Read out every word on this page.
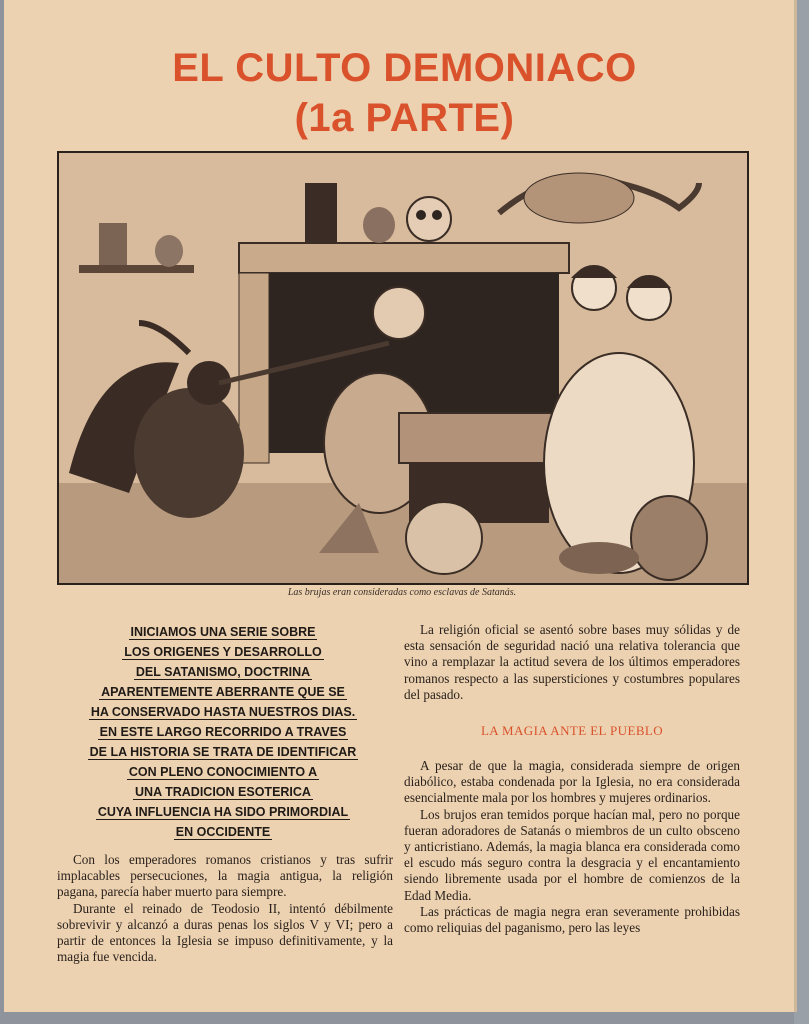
EL CULTO DEMONIACO
(1a PARTE)
Las brujas eran consideradas como esclavas de Satanás.
INICIAMOS UNA SERIE SOBRE
LOS ORIGENES Y DESARROLLO
DEL SATANISMO, DOCTRINA
APARENTEMENTE ABERRANTE QUE SE
HA CONSERVADO HASTA NUESTROS DIAS.
EN ESTE LARGO RECORRIDO A TRAVES
DE LA HISTORIA SE TRATA DE IDENTIFICAR
CON PLENO CONOCIMIENTO A
UNA TRADICION ESOTERICA
CUYA INFLUENCIA HA SIDO PRIMORDIAL
EN OCCIDENTE

Con los emperadores romanos cristianos y tras sufrir implacables persecuciones, la magia antigua, la religión pagana, parecía haber muerto para siempre.

Durante el reinado de Teodosio II, intentó débilmente sobrevivir y alcanzó a duras penas los siglos V y VI; pero a partir de entonces la Iglesia se impuso definitivamente, y la magia fue vencida.

La religión oficial se asentó sobre bases muy sólidas y de esta sensación de seguridad nació una relativa tolerancia que vino a remplazar la actitud severa de los últimos emperadores romanos respecto a las supersticiones y costumbres populares del pasado.

LA MAGIA ANTE EL PUEBLO

A pesar de que la magia, considerada siempre de origen diabólico, estaba condenada por la Iglesia, no era considerada esencialmente mala por los hombres y mujeres ordinarios.

Los brujos eran temidos porque hacían mal, pero no porque fueran adoradores de Satanás o miembros de un culto obsceno y anticristiano. Además, la magia blanca era considerada como el escudo más seguro contra la desgracia y el encantamiento siendo libremente usada por el hombre de comienzos de la Edad Media.

Las prácticas de magia negra eran severamente prohibidas como reliquias del paganismo, pero las leyes
